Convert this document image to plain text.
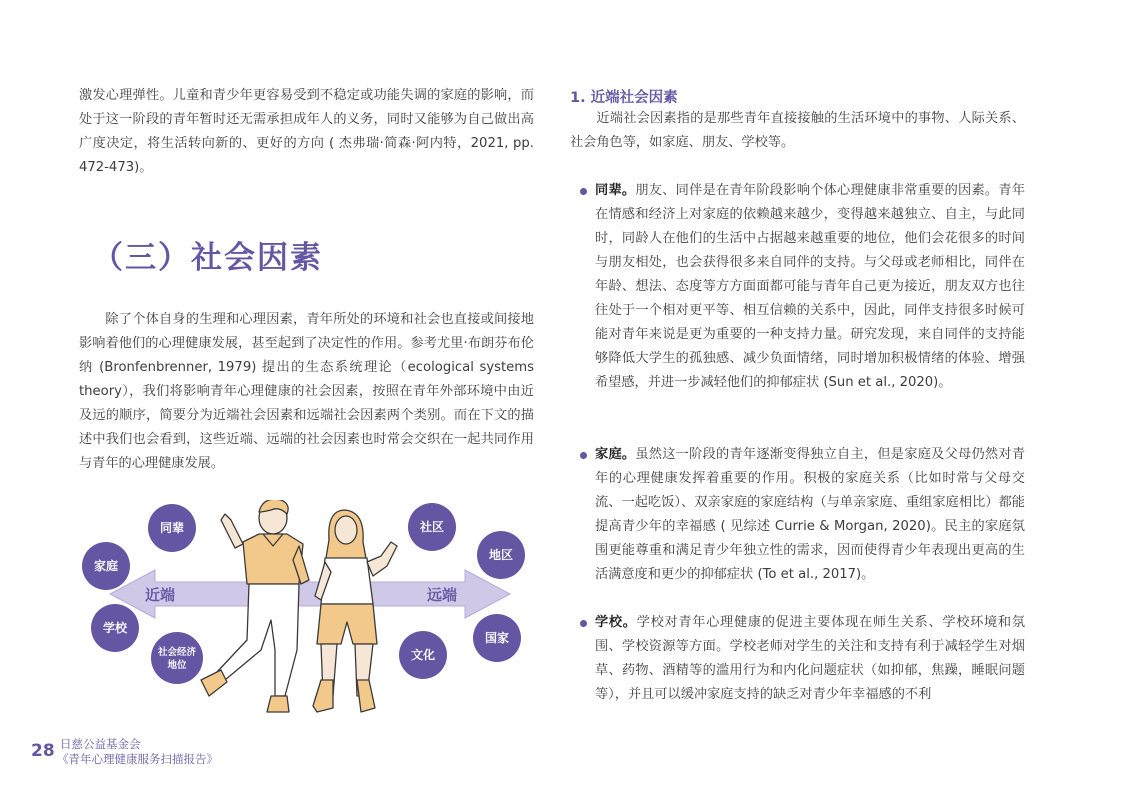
激发心理弹性。儿童和青少年更容易受到不稳定或功能失调的家庭的影响，而处于这一阶段的青年暂时还无需承担成年人的义务，同时又能够为自己做出高广度决定，将生活转向新的、更好的方向 ( 杰弗瑞·简森·阿内特，2021, pp. 472-473)。
（三）社会因素
除了个体自身的生理和心理因素，青年所处的环境和社会也直接或间接地影响着他们的心理健康发展，甚至起到了决定性的作用。参考尤里·布朗芬布伦纳 (Bronfenbrenner, 1979) 提出的生态系统理论（ecological systems theory），我们将影响青年心理健康的社会因素，按照在青年外部环境中由近及远的顺序，简要分为近端社会因素和远端社会因素两个类别。而在下文的描述中我们也会看到，这些近端、远端的社会因素也时常会交织在一起共同作用与青年的心理健康发展。
近端	远端
同辈
家庭
学校
社会经济
地位
社区
地区
国家
文化
1. 近端社会因素
近端社会因素指的是那些青年直接接触的生活环境中的事物、人际关系、社会角色等，如家庭、朋友、学校等。
同辈。朋友、同伴是在青年阶段影响个体心理健康非常重要的因素。青年在情感和经济上对家庭的依赖越来越少，变得越来越独立、自主，与此同时，同龄人在他们的生活中占据越来越重要的地位，他们会花很多的时间与朋友相处，也会获得很多来自同伴的支持。与父母或老师相比，同伴在年龄、想法、态度等方方面面都可能与青年自己更为接近，朋友双方也往往处于一个相对更平等、相互信赖的关系中，因此，同伴支持很多时候可能对青年来说是更为重要的一种支持力量。研究发现，来自同伴的支持能够降低大学生的孤独感、减少负面情绪，同时增加积极情绪的体验、增强希望感，并进一步减轻他们的抑郁症状 (Sun et al., 2020)。
家庭。虽然这一阶段的青年逐渐变得独立自主，但是家庭及父母仍然对青年的心理健康发挥着重要的作用。积极的家庭关系（比如时常与父母交流、一起吃饭）、双亲家庭的家庭结构（与单亲家庭、重组家庭相比）都能提高青少年的幸福感 ( 见综述 Currie & Morgan, 2020)。民主的家庭氛围更能尊重和满足青少年独立性的需求，因而使得青少年表现出更高的生活满意度和更少的抑郁症状 (To et al., 2017)。
学校。学校对青年心理健康的促进主要体现在师生关系、学校环境和氛围、学校资源等方面。学校老师对学生的关注和支持有利于减轻学生对烟草、药物、酒精等的滥用行为和内化问题症状（如抑郁，焦躁，睡眠问题等），并且可以缓冲家庭支持的缺乏对青少年幸福感的不利
28 日慈公益基金会
《青年心理健康服务扫描报告》
